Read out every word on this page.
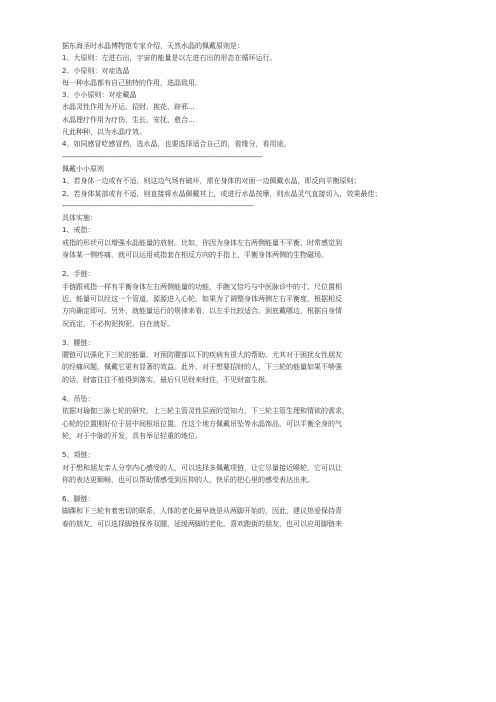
据东海圣时水晶博物馆专家介绍，天然水晶的佩戴原则是：
1、大原则：左进右出，宇宙的能量是以左进右出的形态在循环运行。
2、小原则：对症选晶
每一种水晶都有自己独特的作用，选晶致用。
3、小小原则：对症戴晶
水晶灵性作用为开运、招财、挑花、辟邪...
水晶理疗作用为疗伤、生长、安抚、愈合...
凡此种种，以为水晶疗效。
4、如同感冒吃感冒药，选水晶，也要选择适合自己的，看缘分，看用途。
----------------------------------------------------------------------------------------------
佩戴小小原则
1、若身体一边或有不适，则这边气场有破坏，需在身体的对面一边佩戴水晶，即反向平衡原则；
2、若身体某部或有不适，则直接将水晶佩戴其上，或进行水晶按摩，则水晶灵气直接切入，效果最佳；
------------------------------------------------------------------------------------------
具体实施：
1、戒指：
戒指的形状可以增强水晶能量的放射。比如，你因为身体左右两侧能量不平衡，时常感觉到
身体某一侧疼痛，就可以运用戒指套在相反方向的手指上，平衡身体两侧的生物磁场。
2、手链：
手链跟戒指一样有平衡身体左右两侧能量的功能，手腕又恰巧与中医脉诊中的寸、尺位置相
近，能量可以经这一个管道，源源进入心轮，如果为了调整身体两侧左右平衡度，根据相反
方向确定即可。另外，就能量运行的规律来看，以左手比较适合。到底戴哪边，根据自身情
况而定，不必拘泥拘泥，自在就好。
3、腰链：
腰链可以强化下三轮的能量，对预防腰部以下的疾病有很大的帮助。尤其对于困扰女性朋友
的经痛问题，佩戴它更有显著的效益。此外，对于想要招财的人，下三轮的能量如果不够强
的话，财富往往不能得到落实，最后只见财来财往，不见财富生根。
4、吊坠：
依据对瑜伽三脉七轮的研究，上三轮主管灵性层面的觉知力，下三轮主管生理和情欲的需求，
心轮的位置刚好位于居中间枢纽位置。在这个地方佩戴吊坠等水晶饰品，可以平衡全身的气
轮，对于中脉的开发，具有举足轻重的地位。
5、项链：
对于想和朋友亲人分享内心感受的人，可以选择多佩戴项链，让它尽量接近喉轮，它可以让
你的表达更顺畅，也可以帮助情感受到压抑的人，快乐的把心里的感受表达出来。
6、脚链：
脚踝和下三轮有着密切的联系，人体的老化最早就是从两脚开始的，因此，建议热爱保持青
春的朋友，可以选择脚链保养双腿，延缓两脚的老化。喜欢跑街的朋友，也可以应用脚链来
